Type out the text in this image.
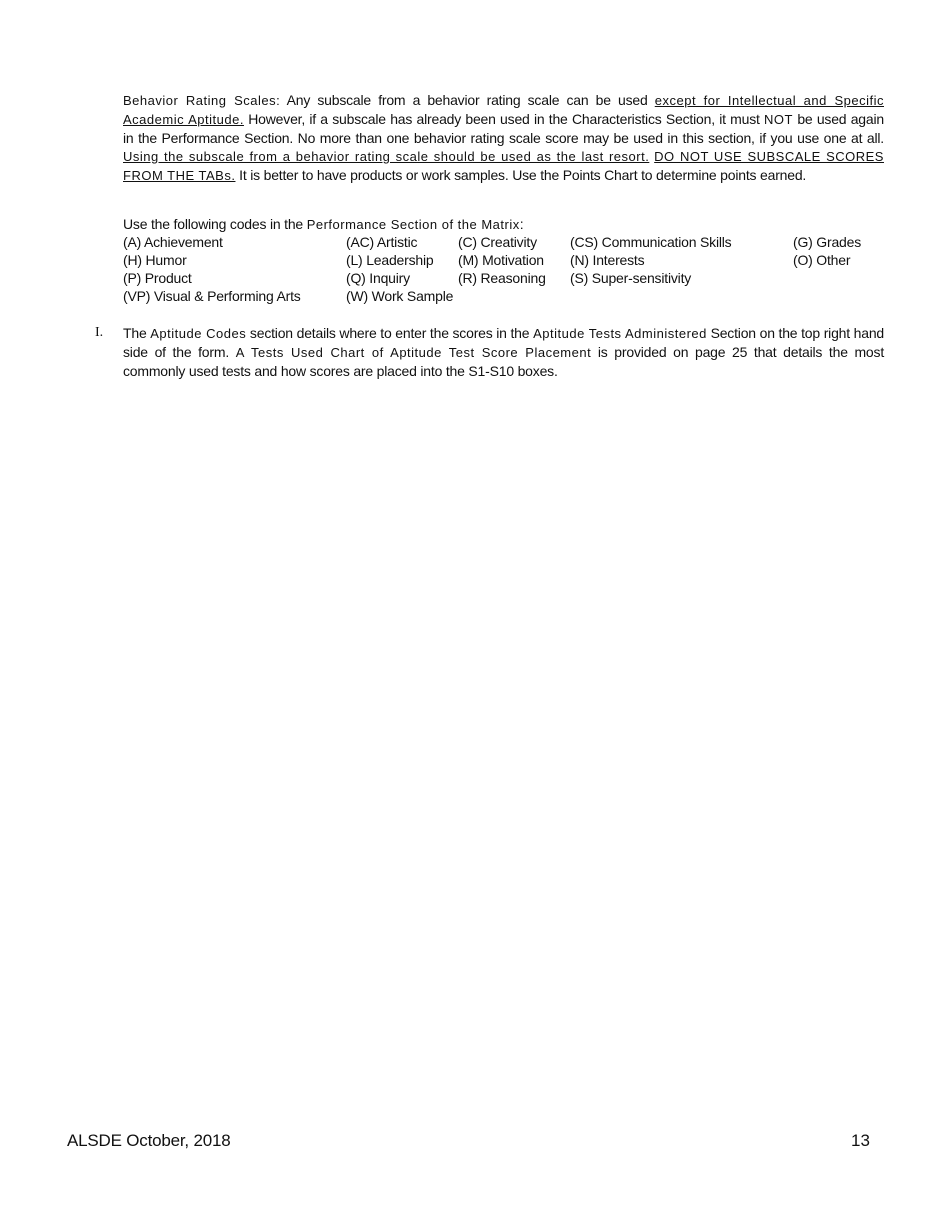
Behavior Rating Scales: Any subscale from a behavior rating scale can be used except for Intellectual and Specific Academic Aptitude. However, if a subscale has already been used in the Characteristics Section, it must NOT be used again in the Performance Section. No more than one behavior rating scale score may be used in this section, if you use one at all. Using the subscale from a behavior rating scale should be used as the last resort. DO NOT USE SUBSCALE SCORES FROM THE TABs. It is better to have products or work samples. Use the Points Chart to determine points earned.
Use the following codes in the Performance Section of the Matrix:
(A) Achievement	(AC) Artistic	(C) Creativity (CS) Communication Skills	(G) Grades
(H) Humor	(L) Leadership (M) Motivation (N) Interests	(O) Other
(P) Product	(Q) Inquiry	(R) Reasoning (S) Super-sensitivity
(VP) Visual & Performing Arts	(W) Work Sample
I. The Aptitude Codes section details where to enter the scores in the Aptitude Tests Administered Section on the top right hand side of the form. A Tests Used Chart of Aptitude Test Score Placement is provided on page 25 that details the most commonly used tests and how scores are placed into the S1-S10 boxes.
ALSDE October, 2018	13
